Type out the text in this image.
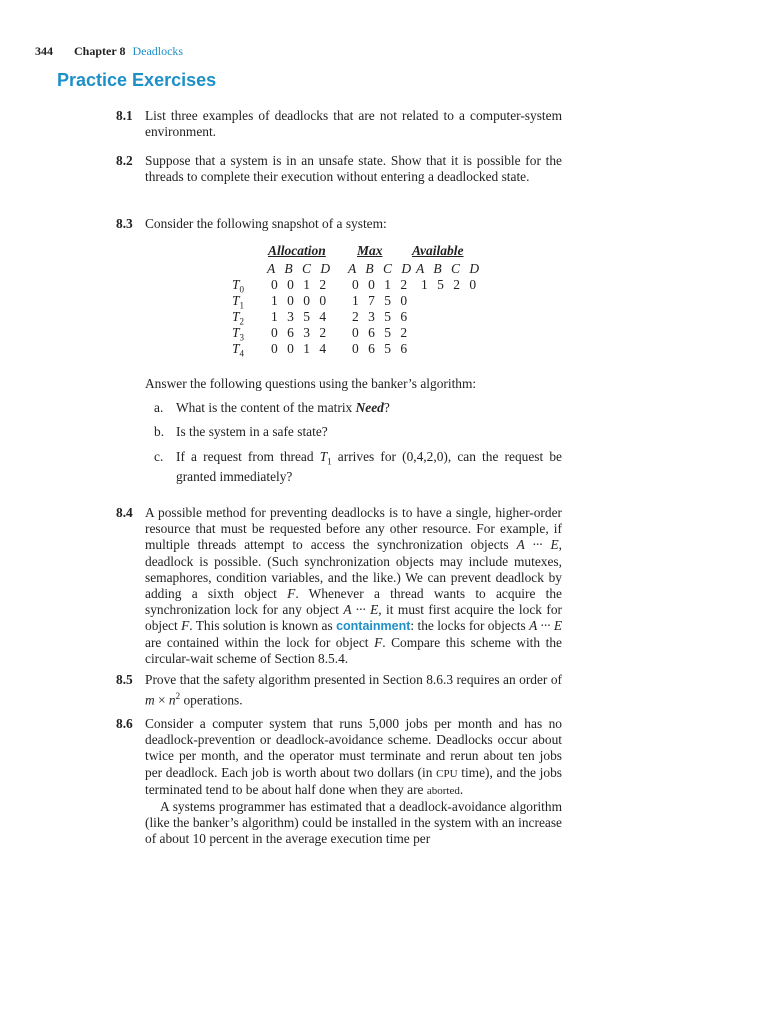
344 Chapter 8 Deadlocks
Practice Exercises
8.1 List three examples of deadlocks that are not related to a computer-system environment.

8.2 Suppose that a system is in an unsafe state. Show that it is possible for the threads to complete their execution without entering a deadlocked state.

8.3 Consider the following snapshot of a system:

Allocation Max Available
A B C D A B C D A B C D
$T_0$
$T_1$
$T_2$
$T_3$
$T_4$
0 0 1 2
1 0 0 0
1 3 5 4
0 6 3 2
0 0 1 4
0 0 1 2
1 7 5 0
2 3 5 6
0 6 5 2
0 6 5 6
1 5 2 0

Answer the following questions using the banker’s algorithm:

a. What is the content of the matrix Need?
b. Is the system in a safe state?
c. If a request from thread $T_1$ arrives for (0,4,2,0), can the request be granted immediately?
8.4 A possible method for preventing deadlocks is to have a single, higher-order resource that must be requested before any other resource. For example, if multiple threads attempt to access the synchronization objects A ··· E, deadlock is possible. (Such synchronization objects may include mutexes, semaphores, condition variables, and the like.) We can prevent deadlock by adding a sixth object F. Whenever a thread wants to acquire the synchronization lock for any object A ··· E, it must first acquire the lock for object F. This solution is known as containment: the locks for objects A ··· E are contained within the lock for object F. Compare this scheme with the circular-wait scheme of Section 8.5.4.

8.5 Prove that the safety algorithm presented in Section 8.6.3 requires an order of $m \times n^2$ operations.

8.6 Consider a computer system that runs 5,000 jobs per month and has no deadlock-prevention or deadlock-avoidance scheme. Deadlocks occur about twice per month, and the operator must terminate and rerun about ten jobs per deadlock. Each job is worth about two dollars (in CPU time), and the jobs terminated tend to be about half done when they are aborted.

A systems programmer has estimated that a deadlock-avoidance algorithm (like the banker’s algorithm) could be installed in the system with an increase of about 10 percent in the average execution time per
